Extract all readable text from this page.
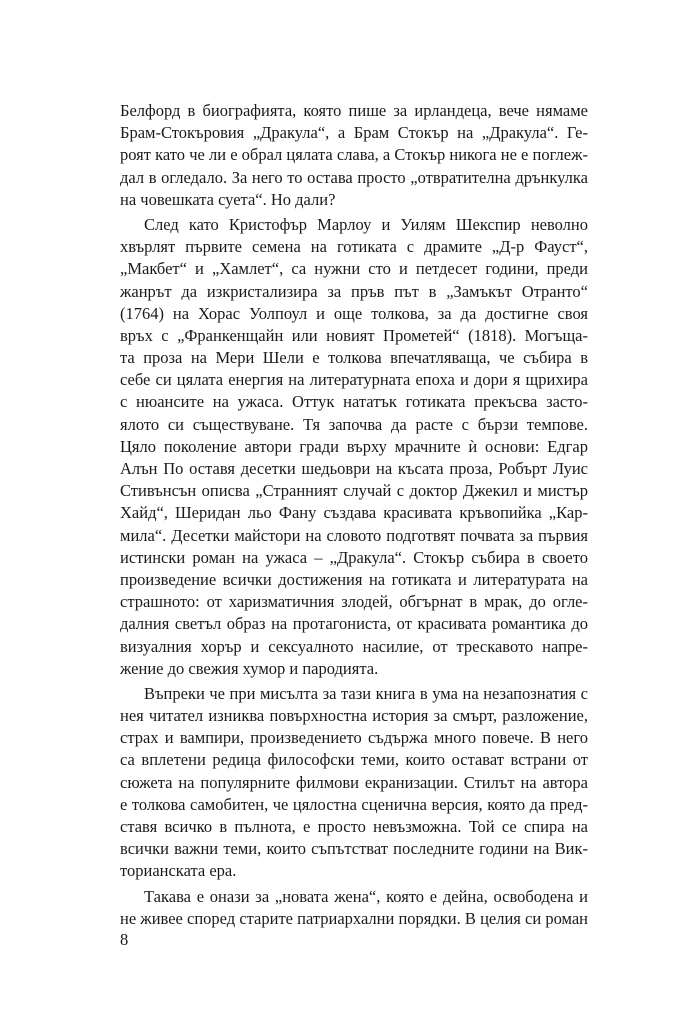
Белфорд в биографията, която пише за ирландеца, вече нямаме
Брам-Стокъровия „Дракула“, а Брам Стокър на „Дракула“. Ге-
роят като че ли е обрал цялата слава, а Стокър никога не е поглеж-
дал в огледало. За него то остава просто „отвратителна дрънкулка
на човешката суета“. Но дали?
След като Кристофър Марлоу и Уилям Шекспир неволно
хвърлят първите семена на готиката с драмите „Д-р Фауст“,
„Макбет“ и „Хамлет“, са нужни сто и петдесет години, преди
жанрът да изкристализира за пръв път в „Замъкът Отранто“
(1764) на Хорас Уолпоул и още толкова, за да достигне своя
връх с „Франкенщайн или новият Прометей“ (1818). Могъща-
та проза на Мери Шели е толкова впечатляваща, че събира в
себе си цялата енергия на литературната епоха и дори я щрихира
с нюансите на ужаса. Оттук нататък готиката прекъсва засто-
ялото си съществуване. Тя започва да расте с бързи темпове.
Цяло поколение автори гради върху мрачните ѝ основи: Едгар
Алън По оставя десетки шедьоври на късата проза, Робърт Луис
Стивънсън описва „Странният случай с доктор Джекил и мистър
Хайд“, Шеридан льо Фану създава красивата кръвопийка „Кар-
мила“. Десетки майстори на словото подготвят почвата за първия
истински роман на ужаса – „Дракула“. Стокър събира в своето
произведение всички достижения на готиката и литературата на
страшното: от харизматичния злодей, обгърнат в мрак, до огле-
далния светъл образ на протагониста, от красивата романтика до
визуалния хорър и сексуалното насилие, от трескавото напре-
жение до свежия хумор и пародията.
Въпреки че при мисълта за тази книга в ума на незапознатия с
нея читател изниква повърхностна история за смърт, разложение,
страх и вампири, произведението съдържа много повече. В него
са вплетени редица философски теми, които остават встрани от
сюжета на популярните филмови екранизации. Стилът на автора
е толкова самобитен, че цялостна сценична версия, която да пред-
ставя всичко в пълнота, е просто невъзможна. Той се спира на
всички важни теми, които съпътстват последните години на Вик-
торианската ера.
Такава е онази за „новата жена“, която е дейна, освободена и
не живее според старите патриархални порядки. В целия си роман
8
